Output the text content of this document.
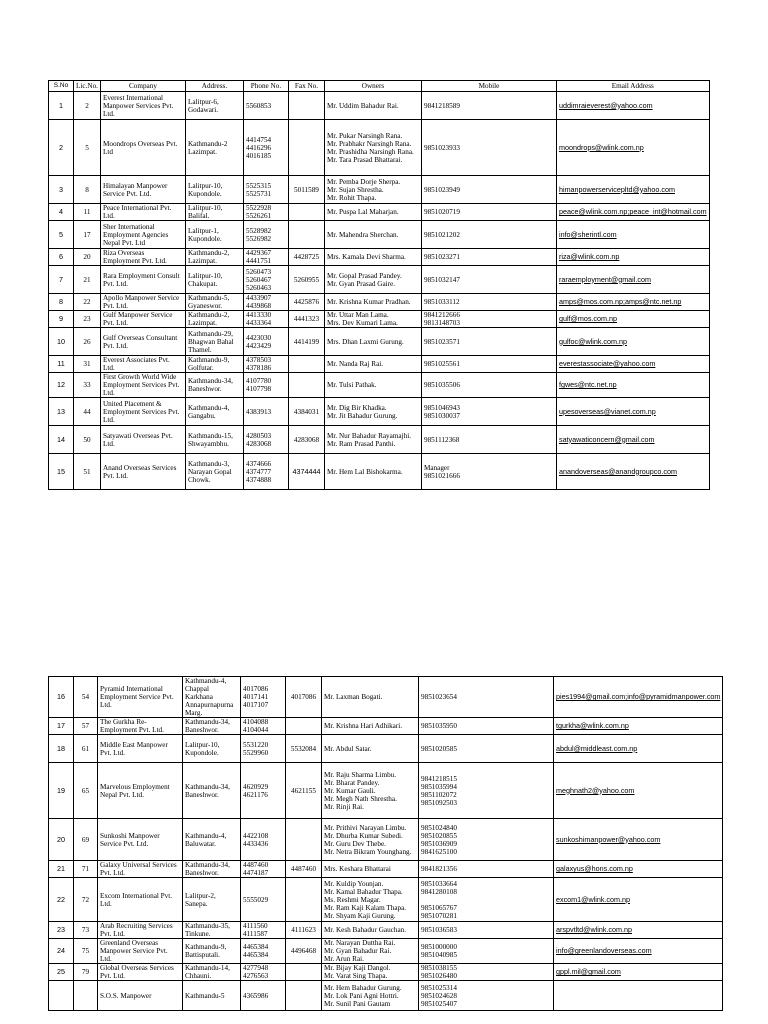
S.No	Lic.No.	Company	Address.	Phone No.	Fax No.	Owners	Mobile	Email Address
1	2	Everest International
Manpower Services Pvt.
Ltd.	Lalitpur-6,
Godawari.	5560853		Mr. Uddim Bahadur Rai.	9841218589	uddimraieverest@yahoo.com
2	5	Moondrops Overseas Pvt.
Ltd	Kathmandu-2
Lazimpat.	4414754
4416296
4016185		Mr. Pukar Narsingh Rana.
Mr. Prabhakr Narsingh Rana.
Mr. Prashidha Narsingh Rana.
Mr. Tara Prasad Bhattarai.	9851023933	moondrops@wlink.com.np
3	8	Himalayan Manpower
Service Pvt. Ltd.	Lalitpur-10,
Kupondole.	5525315
5525731	5011589	Mr. Pemba Dorje Sherpa.
Mr. Sujan Shrestha.
Mr. Rohit Thapa.	9851023949	himanpowerservicepltd@yahoo.com
4	11	Peace International Pvt.
Ltd.	Lalitpur-10,
Balifal.	5522928
5526261		Mr. Puspa Lal Maharjan.	9851020719	peace@wlink.com.np;peace_int@hotmail.com
5	17	Sher International
Employment Agencies
Nepal Pvt. Ltd	Lalitpur-1,
Kupondole.	5528982
5526982		Mr. Mahendra Sherchan.	9851021202	info@sherintl.com
6	20	Riza Overseas
Employment Pvt. Ltd.	Kathmandu-2,
Lazimpat.	4429367
4441751	4428725	Mrs. Kamala Devi Sharma.	9851023271	riza@wlink.com.np
7	21	Rara Employment Consult
Pvt. Ltd.	Lalitpur-10,
Chakupat.	5260473
5260467
5260463	5260955	Mr. Gopal Prasad Pandey.
Mr. Gyan Prasad Gaire.	9851032147	raraemployment@gmail.com
8	22	Apollo Manpower Service
Pvt. Ltd.	Kathmandu-5,
Gyaneswor.	4433907
4439868	4425876	Mr. Krishna Kumar Pradhan.	9851033112	amps@mos.com.np;amps@ntc.net.np
9	23	Gulf Manpower Service
Pvt. Ltd.	Kathmandu-2,
Lazimpat.	4413330
4433364	4441323	Mr. Uttar Man Lama.
Mrs. Dev Kumari Lama.	9841212666
9813148703	gulf@mos.com.np
10	26	Gulf Overseas Consultant
Pvt. Ltd.	Kathmandu-29,
Bhagwan Bahal
Thamel.	4423030
4423429	4414199	Mrs. Dhan Laxmi Gurung.	9851023571	gulfoc@wlink.com.np
11	31	Everest Associates Pvt.
Ltd.	Kathmandu-9,
Golfutar.	4378503
4378186		Mr. Nanda Raj Rai.	9851025561	everestassociate@yahoo.com
12	33	First Growth World Wide
Employment Services Pvt.
Ltd.	Kathmandu-34,
Baneshwor.	4107780
4107798		Mr. Tulsi Pathak.	9851035506	fgwes@ntc.net.np
13	44	United Placement &
Employment Services Pvt.
Ltd.	Kathmandu-4,
Gangabu.	4383913	4384031	Mr. Dig Bir Khadka.
Mr. Jit Bahadur Gurung.	9851046943
9851030037	upesoverseas@vianet.com.np
14	50	Satyawati Overseas Pvt.
Ltd.	Kathmandu-15,
Shwayambhu.	4280503
4283068	4283068	Mr. Nur Bahadur Rayamajhi.
Mr. Ram Prasad Panthi.	9851112368	satyawaticoncern@gmail.com
15	51	Anand Overseas Services
Pvt. Ltd.	Kathmandu-3,
Narayan Gopal
Chowk.	4374666
4374777
4374888	4374444	Mr. Hem Lal Bishokarma.	Manager
9851021666	anandoverseas@anandgroupco.com
16	54	Pyramid International
Employment Service Pvt.
Ltd.	Kathmandu-4,
Chappal
Karkhana
Annapurnapurna
Marg.	4017086
4017141
4017107	4017086	Mr. Laxman Bogati.	9851023654	pies1994@gmail.com;info@pyramidmanpower.com
17	57	The Gurkha Re-
Employment Pvt. Ltd.	Kathmandu-34,
Baneshwor.	4104088
4104044		Mr. Krishna Hari Adhikari.	9851035950	tgurkha@wlink.com.np
18	61	Middle East Manpower
Pvt. Ltd.	Lalitpur-10,
Kupondole.	5531220
5529960	5532084	Mr. Abdul Satar.	9851020585	abdul@middleast.com.np
19	65	Marvelous Employment
Nepal Pvt. Ltd.	Kathmandu-34,
Baneshwor.	4620929
4621176	4621155	Mr. Raju Sharma Limbu.
Mr. Bharat Pandey.
Mr. Kumar Gauli.
Mr. Megh Nath Shrestha.
Mr. Rinji Rai.	9841218515
9851035994
9851102072
9851092503	meghnath2@yahoo.com
20	69	Sunkoshi Manpower
Service Pvt. Ltd.	Kathmandu-4,
Baluwatar.	4422108
4433436		Mr. Prithivi Narayan Limbu.
Mr. Dhurba Kumar Subedi.
Mr. Guru Dev Thebe.
Mr. Netra Bikram Younghang.	9851024840
9851020855
9851036909
9841625100	sunkoshimanpower@yahoo.com
21	71	Galaxy Universal Services
Pvt. Ltd.	Kathmandu-34,
Baneshwor.	4487460
4474187	4487460	Mrs. Keshara Bhattarai	9841821356	galaxyus@hons.com.np
22	72	Excom International Pvt.
Ltd.	Lalitpur-2,
Sanepa.	5555029		Mr. Kuldip Younjan.
Mr. Kamal Bahadur Thapa.
Ms. Reshmi Magar.
Mr. Ram Kaji Kalam Thapa.
Mr. Shyam Kaji Gurung.	9851033664
9841280108

9851065767
9851070281	excom1@wlink.com.np
23	73	Arab Recruiting Services
Pvt. Ltd.	Kathmandu-35,
Tinkune.	4111560
4111587	4111623	Mr. Kesh Bahadur Gauchan.	9851036583	arspvtltd@wlink.com.np
24	75	Greenland Overseas
Manpower Service Pvt.
Ltd.	Kathmandu-9,
Battisputali.	4465384
4465384	4496468	Mr. Narayan Duttha Rai.
Mr. Gyan Bahadur Rai.
Mr. Arun Rai.	9851000000
9851040985	info@greenlandoverseas.com
25	79	Global Overseas Services
Pvt. Ltd.	Kathmandu-14,
Chhauni.	4277948
4276563		Mr. Bijay Kaji Dangol.
Mr. Varat Sing Thapa.	9851038155
9851026480	gppl.mil@gmail.com
		S.O.S. Manpower	Kathmandu-5	4365986		Mr. Hem Bahadur Gurung.
Mr. Lok Pani Agni Hottri.
Mr. Sunil Pani Gautam	9851025314
9851024628
9851025407	
